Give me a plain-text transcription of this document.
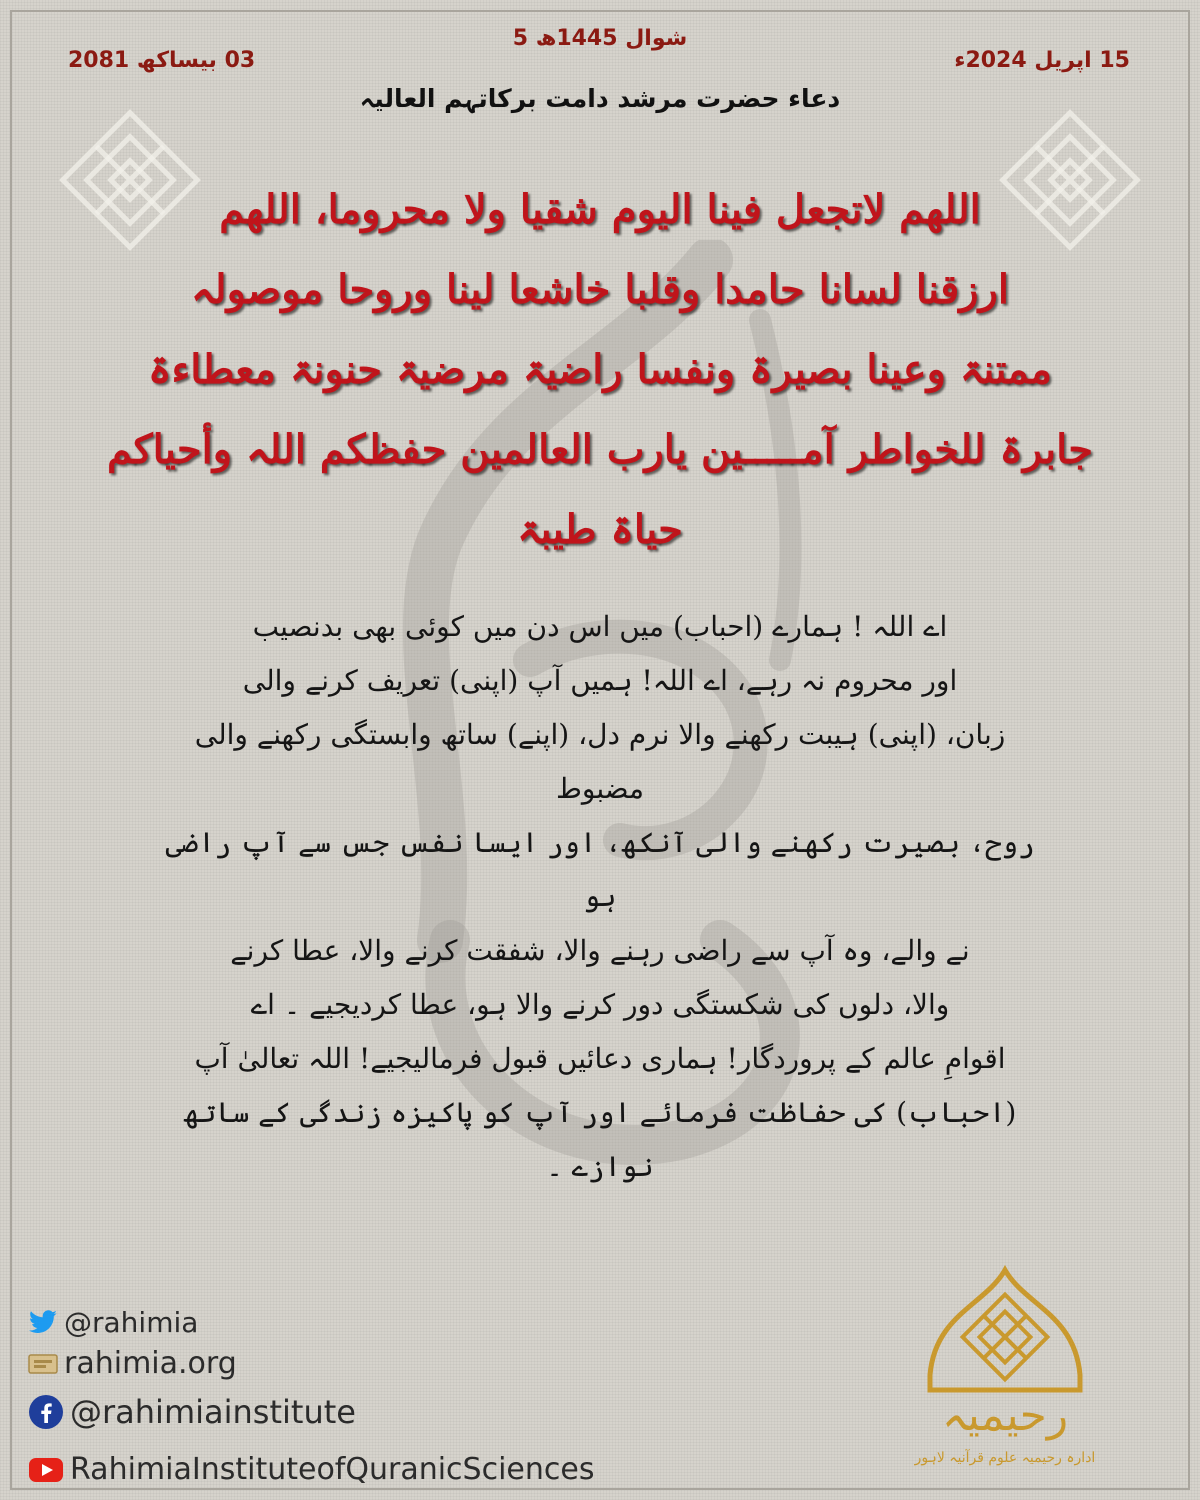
5 شوال 1445ھ
15 اپریل 2024ء
03 بیساکھ 2081
دعاء حضرت مرشد دامت برکاتہم العالیہ
اللھم لاتجعل فینا الیوم شقیا ولا محروما، اللھم
ارزقنا لسانا حامدا وقلبا خاشعا لینا وروحا موصولہ
ممتنۃ وعینا بصیرۃ ونفسا راضیۃ مرضیۃ حنونۃ معطاءۃ
جابرۃ للخواطر آمـــــین یارب العالمین حفظکم اللہ وأحیاکم
حیاۃ طیبۃ
اے اللہ ! ہمارے (احباب) میں اس دن میں کوئی بھی بدنصیب
اور محروم نہ رہے، اے اللہ! ہمیں آپ (اپنی) تعریف کرنے والی
زبان، (اپنی) ہیبت رکھنے والا نرم دل، (اپنے) ساتھ وابستگی رکھنے والی مضبوط
روح، بصیرت رکھنے والی آنکھ، اور ایسا نفس جس سے آپ راضی ہو
نے والے، وہ آپ سے راضی رہنے والا، شفقت کرنے والا، عطا کرنے
والا، دلوں کی شکستگی دور کرنے والا ہو، عطا کردیجیے ۔ اے
اقوامِ عالم کے پروردگار! ہماری دعائیں قبول فرمالیجیے! اللہ تعالیٰ آپ
(احباب) کی حفاظت فرمائے اور آپ کو پاکیزہ زندگی کے ساتھ نوازے ۔
@rahimia
rahimia.org
@rahimiainstitute
RahimiaInstituteofQuranicSciences
رحیمیہ
ادارہ رحیمیہ علوم قرآنیہ لاہور
